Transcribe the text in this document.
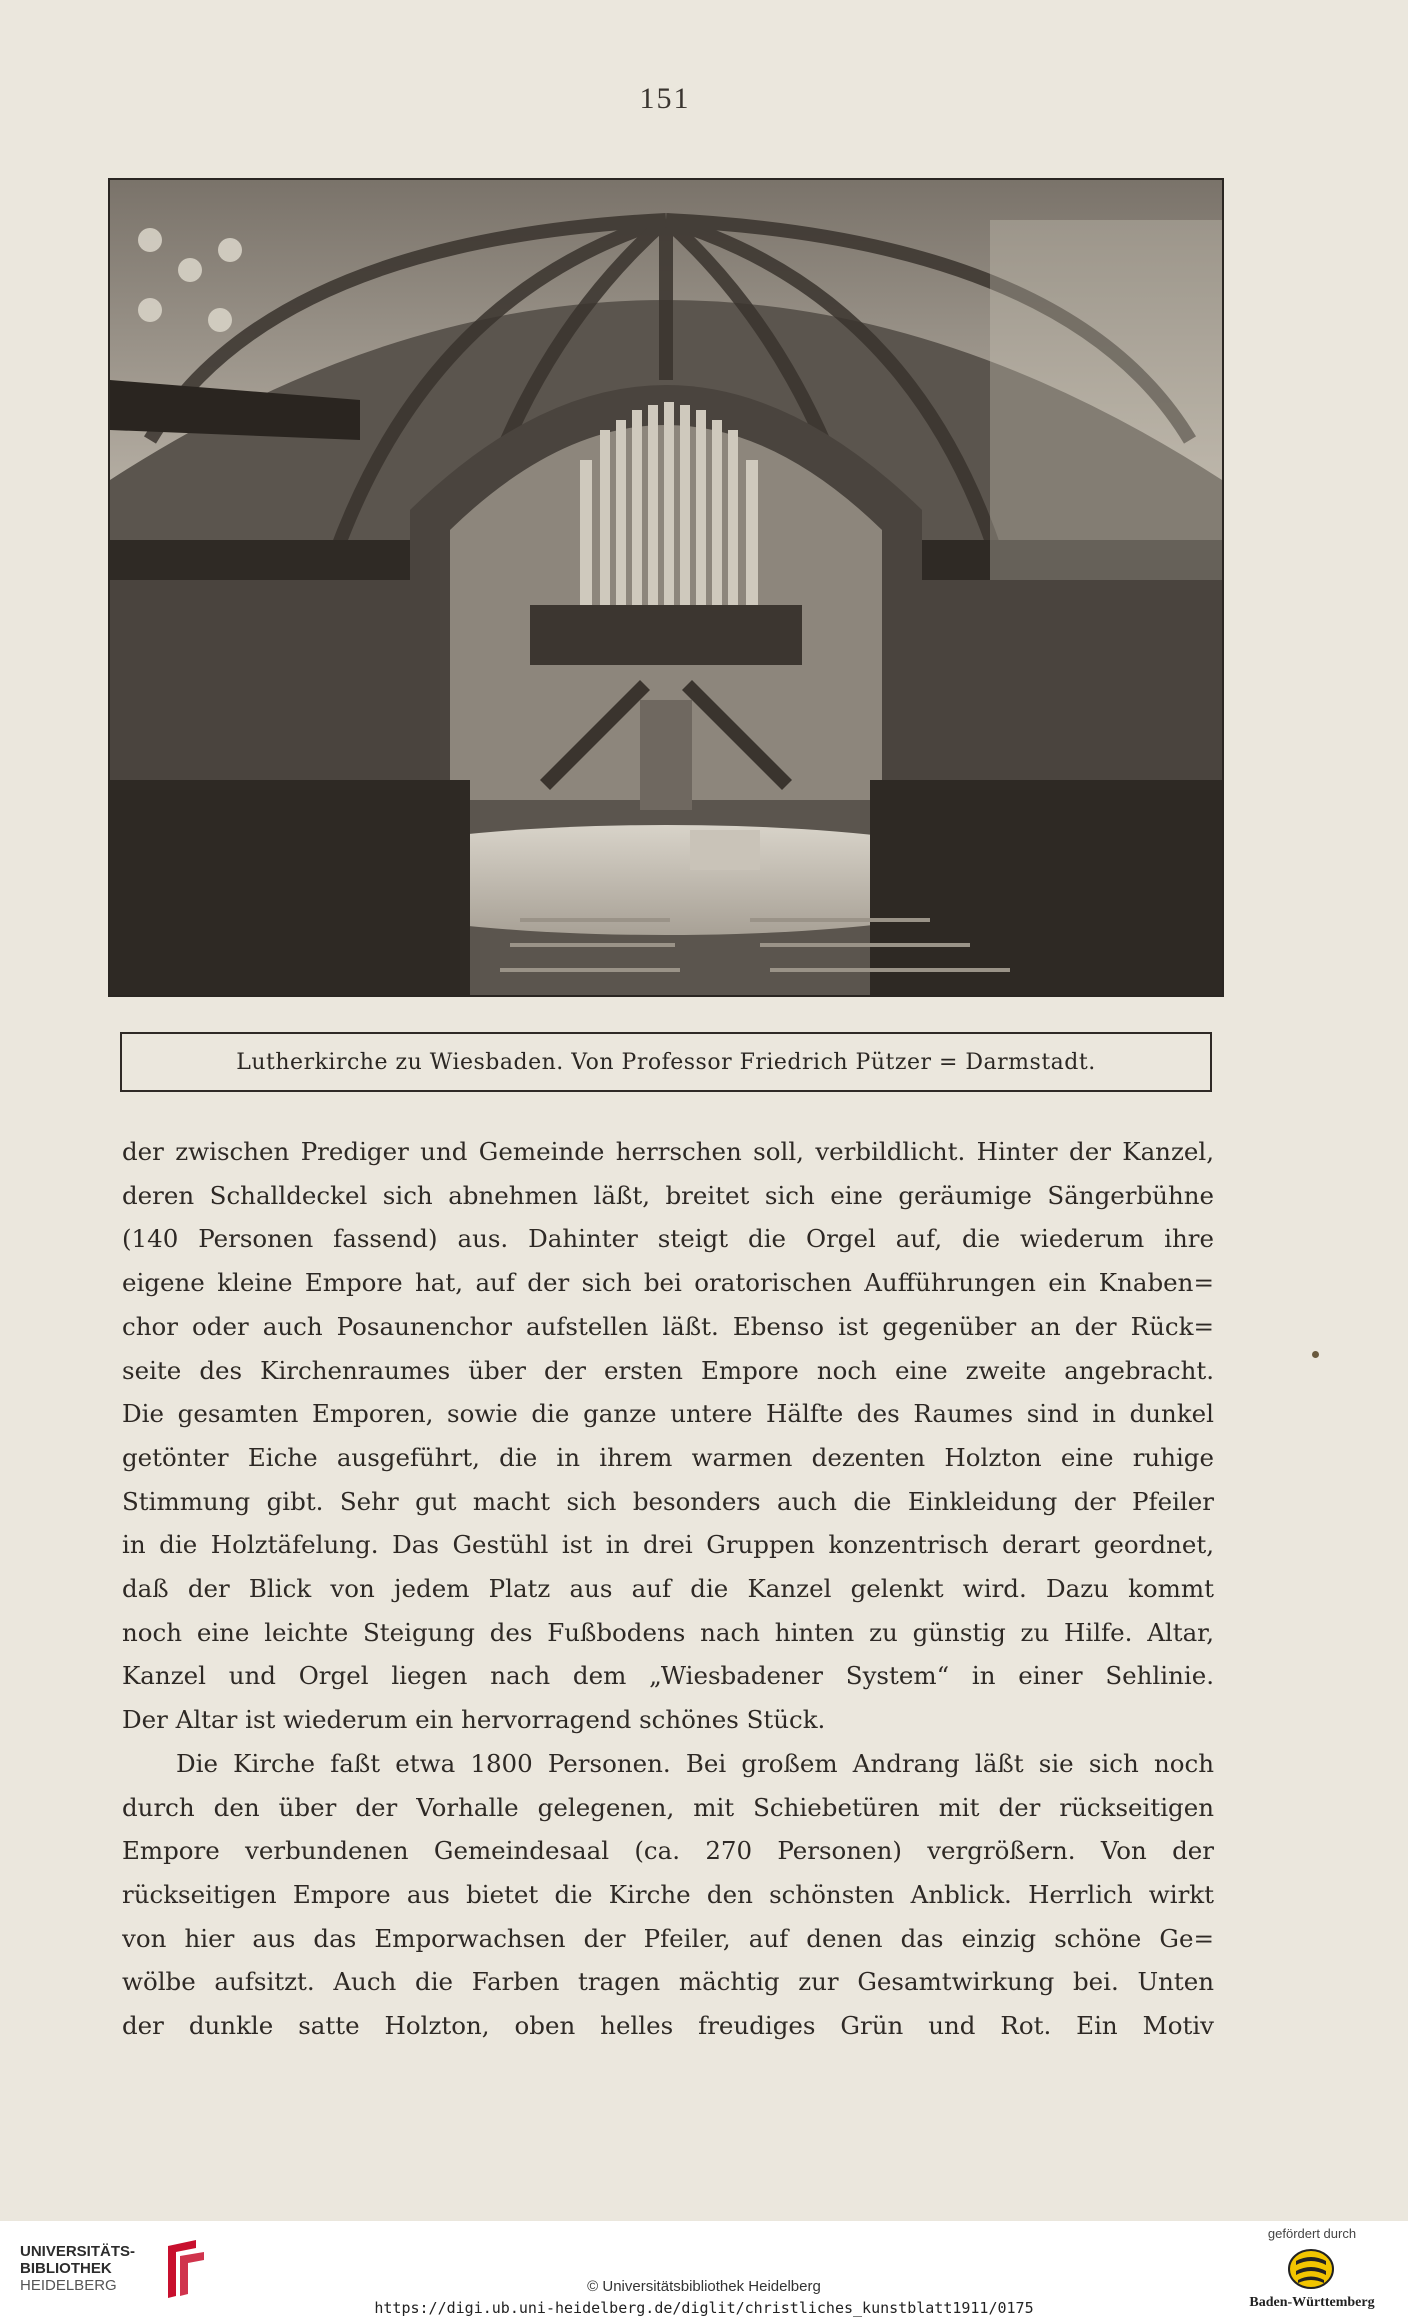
151
Lutherkirche zu Wiesbaden. Von Professor Friedrich Pützer = Darmstadt.

der zwischen Prediger und Gemeinde herrschen soll, verbildlicht. Hinter der Kanzel,
deren Schalldeckel sich abnehmen läßt, breitet sich eine geräumige Sängerbühne
(140 Personen fassend) aus. Dahinter steigt die Orgel auf, die wiederum ihre
eigene kleine Empore hat, auf der sich bei oratorischen Aufführungen ein Knaben=
chor oder auch Posaunenchor aufstellen läßt. Ebenso ist gegenüber an der Rück=
seite des Kirchenraumes über der ersten Empore noch eine zweite angebracht.
Die gesamten Emporen, sowie die ganze untere Hälfte des Raumes sind in dunkel
getönter Eiche ausgeführt, die in ihrem warmen dezenten Holzton eine ruhige
Stimmung gibt. Sehr gut macht sich besonders auch die Einkleidung der Pfeiler
in die Holztäfelung. Das Gestühl ist in drei Gruppen konzentrisch derart geordnet,
daß der Blick von jedem Platz aus auf die Kanzel gelenkt wird. Dazu kommt
noch eine leichte Steigung des Fußbodens nach hinten zu günstig zu Hilfe. Altar,
Kanzel und Orgel liegen nach dem „Wiesbadener System“ in einer Sehlinie.
Der Altar ist wiederum ein hervorragend schönes Stück.

Die Kirche faßt etwa 1800 Personen. Bei großem Andrang läßt sie sich noch
durch den über der Vorhalle gelegenen, mit Schiebetüren mit der rückseitigen
Empore verbundenen Gemeindesaal (ca. 270 Personen) vergrößern. Von der
rückseitigen Empore aus bietet die Kirche den schönsten Anblick. Herrlich wirkt
von hier aus das Emporwachsen der Pfeiler, auf denen das einzig schöne Ge=
wölbe aufsitzt. Auch die Farben tragen mächtig zur Gesamtwirkung bei. Unten
der dunkle satte Holzton, oben helles freudiges Grün und Rot. Ein Motiv

UNIVERSITÄTS-
BIBLIOTHEK
HEIDELBERG	© Universitätsbibliothek Heidelberg
https://digi.ub.uni-heidelberg.de/diglit/christliches_kunstblatt1911/0175
gefördert durch
Baden-Württemberg
